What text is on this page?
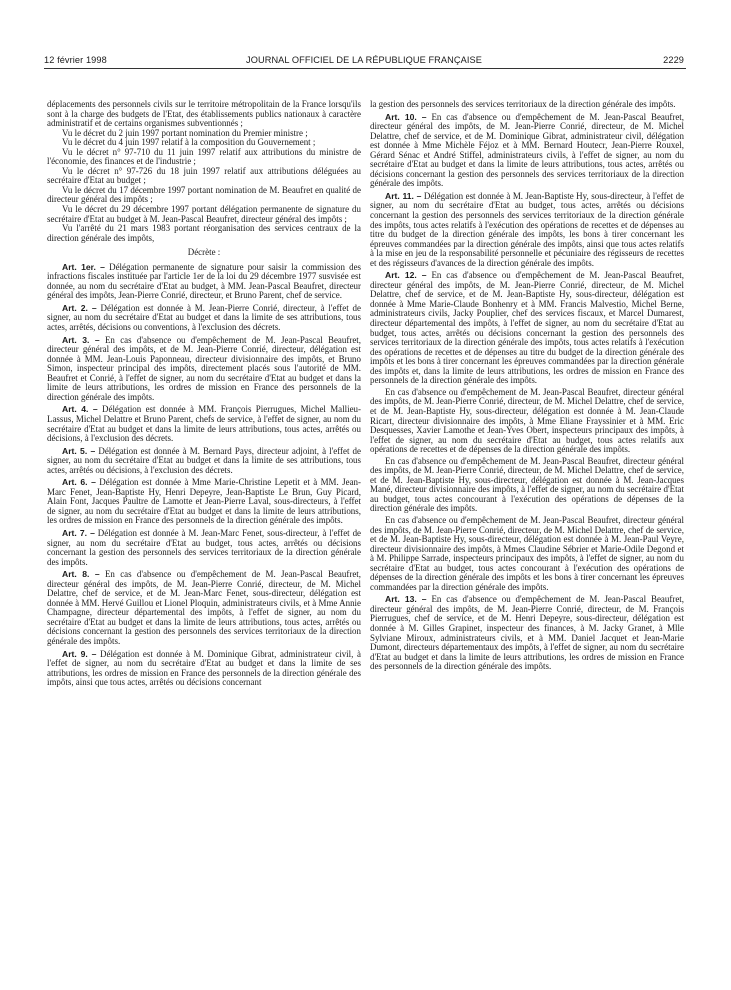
12 février 1998	JOURNAL OFFICIEL DE LA RÉPUBLIQUE FRANÇAISE	2229

déplacements des personnels civils sur le territoire métropolitain de la France lorsqu'ils sont à la charge des budgets de l'Etat, des établissements publics nationaux à caractère administratif et de certains organismes subventionnés ;

Vu le décret du 2 juin 1997 portant nomination du Premier ministre ;

Vu le décret du 4 juin 1997 relatif à la composition du Gouvernement ;

Vu le décret n° 97-710 du 11 juin 1997 relatif aux attributions du ministre de l'économie, des finances et de l'industrie ;

Vu le décret n° 97-726 du 18 juin 1997 relatif aux attributions déléguées au secrétaire d'Etat au budget ;

Vu le décret du 17 décembre 1997 portant nomination de M. Beaufret en qualité de directeur général des impôts ;

Vu le décret du 29 décembre 1997 portant délégation permanente de signature du secrétaire d'Etat au budget à M. Jean-Pascal Beaufret, directeur général des impôts ;

Vu l'arrêté du 21 mars 1983 portant réorganisation des services centraux de la direction générale des impôts,

Décrète :

Art. 1er. – Délégation permanente de signature pour saisir la commission des infractions fiscales instituée par l'article 1er de la loi du 29 décembre 1977 susvisée est donnée, au nom du secrétaire d'Etat au budget, à MM. Jean-Pascal Beaufret, directeur général des impôts, Jean-Pierre Conrié, directeur, et Bruno Parent, chef de service.

Art. 2. – Délégation est donnée à M. Jean-Pierre Conrié, directeur, à l'effet de signer, au nom du secrétaire d'Etat au budget et dans la limite de ses attributions, tous actes, arrêtés, décisions ou conventions, à l'exclusion des décrets.

Art. 3. – En cas d'absence ou d'empêchement de M. Jean-Pascal Beaufret, directeur général des impôts, et de M. Jean-Pierre Conrié, directeur, délégation est donnée à MM. Jean-Louis Paponneau, directeur divisionnaire des impôts, et Bruno Simon, inspecteur principal des impôts, directement placés sous l'autorité de MM. Beaufret et Conrié, à l'effet de signer, au nom du secrétaire d'Etat au budget et dans la limite de leurs attributions, les ordres de mission en France des personnels de la direction générale des impôts.

Art. 4. – Délégation est donnée à MM. François Pierrugues, Michel Mallieu-Lassus, Michel Delattre et Bruno Parent, chefs de service, à l'effet de signer, au nom du secrétaire d'Etat au budget et dans la limite de leurs attributions, tous actes, arrêtés ou décisions, à l'exclusion des décrets.

Art. 5. – Délégation est donnée à M. Bernard Pays, directeur adjoint, à l'effet de signer, au nom du secrétaire d'Etat au budget et dans la limite de ses attributions, tous actes, arrêtés ou décisions, à l'exclusion des décrets.

Art. 6. – Délégation est donnée à Mme Marie-Christine Lepetit et à MM. Jean-Marc Fenet, Jean-Baptiste Hy, Henri Depeyre, Jean-Baptiste Le Brun, Guy Picard, Alain Font, Jacques Paultre de Lamotte et Jean-Pierre Laval, sous-directeurs, à l'effet de signer, au nom du secrétaire d'Etat au budget et dans la limite de leurs attributions, les ordres de mission en France des personnels de la direction générale des impôts.

Art. 7. – Délégation est donnée à M. Jean-Marc Fenet, sous-directeur, à l'effet de signer, au nom du secrétaire d'Etat au budget, tous actes, arrêtés ou décisions concernant la gestion des personnels des services territoriaux de la direction générale des impôts.

Art. 8. – En cas d'absence ou d'empêchement de M. Jean-Pascal Beaufret, directeur général des impôts, de M. Jean-Pierre Conrié, directeur, de M. Michel Delattre, chef de service, et de M. Jean-Marc Fenet, sous-directeur, délégation est donnée à MM. Hervé Guillou et Lionel Ploquin, administrateurs civils, et à Mme Annie Champagne, directeur départemental des impôts, à l'effet de signer, au nom du secrétaire d'Etat au budget et dans la limite de leurs attributions, tous actes, arrêtés ou décisions concernant la gestion des personnels des services territoriaux de la direction générale des impôts.

Art. 9. – Délégation est donnée à M. Dominique Gibrat, administrateur civil, à l'effet de signer, au nom du secrétaire d'Etat au budget et dans la limite de ses attributions, les ordres de mission en France des personnels de la direction générale des impôts, ainsi que tous actes, arrêtés ou décisions concernant

la gestion des personnels des services territoriaux de la direction générale des impôts.

Art. 10. – En cas d'absence ou d'empêchement de M. Jean-Pascal Beaufret, directeur général des impôts, de M. Jean-Pierre Conrié, directeur, de M. Michel Delattre, chef de service, et de M. Dominique Gibrat, administrateur civil, délégation est donnée à Mme Michèle Féjoz et à MM. Bernard Houtecr, Jean-Pierre Rouxel, Gérard Sénac et André Stiffel, administrateurs civils, à l'effet de signer, au nom du secrétaire d'Etat au budget et dans la limite de leurs attributions, tous actes, arrêtés ou décisions concernant la gestion des personnels des services territoriaux de la direction générale des impôts.

Art. 11. – Délégation est donnée à M. Jean-Baptiste Hy, sous-directeur, à l'effet de signer, au nom du secrétaire d'Etat au budget, tous actes, arrêtés ou décisions concernant la gestion des personnels des services territoriaux de la direction générale des impôts, tous actes relatifs à l'exécution des opérations de recettes et de dépenses au titre du budget de la direction générale des impôts, les bons à tirer concernant les épreuves commandées par la direction générale des impôts, ainsi que tous actes relatifs à la mise en jeu de la responsabilité personnelle et pécuniaire des régisseurs de recettes et des régisseurs d'avances de la direction générale des impôts.

Art. 12. – En cas d'absence ou d'empêchement de M. Jean-Pascal Beaufret, directeur général des impôts, de M. Jean-Pierre Conrié, directeur, de M. Michel Delattre, chef de service, et de M. Jean-Baptiste Hy, sous-directeur, délégation est donnée à Mme Marie-Claude Bonhenry et à MM. Francis Malvestio, Michel Berne, administrateurs civils, Jacky Pouplier, chef des services fiscaux, et Marcel Dumarest, directeur départemental des impôts, à l'effet de signer, au nom du secrétaire d'Etat au budget, tous actes, arrêtés ou décisions concernant la gestion des personnels des services territoriaux de la direction générale des impôts, tous actes relatifs à l'exécution des opérations de recettes et de dépenses au titre du budget de la direction générale des impôts et les bons à tirer concernant les épreuves commandées par la direction générale des impôts et, dans la limite de leurs attributions, les ordres de mission en France des personnels de la direction générale des impôts.

En cas d'absence ou d'empêchement de M. Jean-Pascal Beaufret, directeur général des impôts, de M. Jean-Pierre Conrié, directeur, de M. Michel Delattre, chef de service, et de M. Jean-Baptiste Hy, sous-directeur, délégation est donnée à M. Jean-Claude Ricart, directeur divisionnaire des impôts, à Mme Eliane Frayssinier et à MM. Eric Desquesses, Xavier Lamothe et Jean-Yves Obert, inspecteurs principaux des impôts, à l'effet de signer, au nom du secrétaire d'Etat au budget, tous actes relatifs aux opérations de recettes et de dépenses de la direction générale des impôts.

En cas d'absence ou d'empêchement de M. Jean-Pascal Beaufret, directeur général des impôts, de M. Jean-Pierre Conrié, directeur, de M. Michel Delattre, chef de service, et de M. Jean-Baptiste Hy, sous-directeur, délégation est donnée à M. Jean-Jacques Mané, directeur divisionnaire des impôts, à l'effet de signer, au nom du secrétaire d'Etat au budget, tous actes concourant à l'exécution des opérations de dépenses de la direction générale des impôts.

En cas d'absence ou d'empêchement de M. Jean-Pascal Beaufret, directeur général des impôts, de M. Jean-Pierre Conrié, directeur, de M. Michel Delattre, chef de service, et de M. Jean-Baptiste Hy, sous-directeur, délégation est donnée à M. Jean-Paul Veyre, directeur divisionnaire des impôts, à Mmes Claudine Sébrier et Marie-Odile Degond et à M. Philippe Sarrade, inspecteurs principaux des impôts, à l'effet de signer, au nom du secrétaire d'Etat au budget, tous actes concourant à l'exécution des opérations de dépenses de la direction générale des impôts et les bons à tirer concernant les épreuves commandées par la direction générale des impôts.

Art. 13. – En cas d'absence ou d'empêchement de M. Jean-Pascal Beaufret, directeur général des impôts, de M. Jean-Pierre Conrié, directeur, de M. François Pierrugues, chef de service, et de M. Henri Depeyre, sous-directeur, délégation est donnée à M. Gilles Grapinet, inspecteur des finances, à M. Jacky Granet, à Mlle Sylviane Miroux, administrateurs civils, et à MM. Daniel Jacquet et Jean-Marie Dumont, directeurs départementaux des impôts, à l'effet de signer, au nom du secrétaire d'Etat au budget et dans la limite de leurs attributions, les ordres de mission en France des personnels de la direction générale des impôts.
